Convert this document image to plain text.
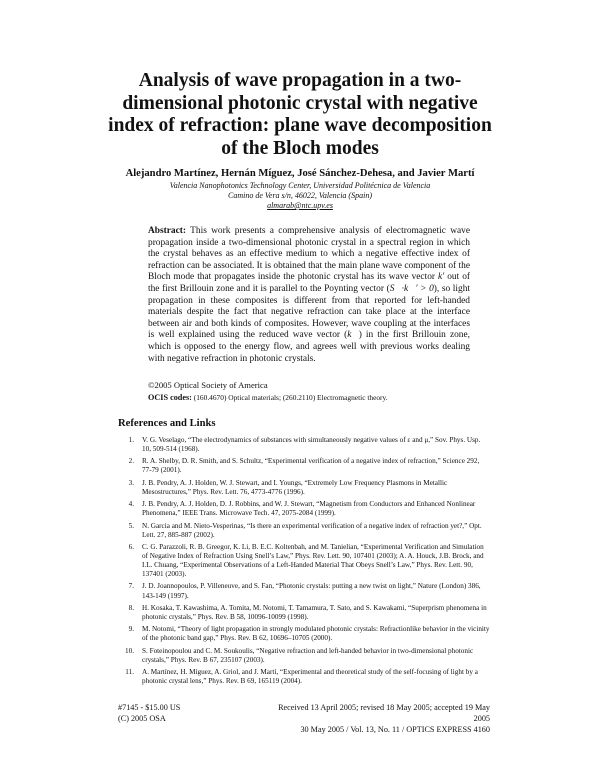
Analysis of wave propagation in a two-dimensional photonic crystal with negative index of refraction: plane wave decomposition of the Bloch modes
Alejandro Martínez, Hernán Míguez, José Sánchez-Dehesa, and Javier Martí
Valencia Nanophotonics Technology Center, Universidad Politécnica de Valencia
Camino de Vera s/n, 46022, Valencia (Spain)
almarab@ntc.upv.es
Abstract: This work presents a comprehensive analysis of electromagnetic wave propagation inside a two-dimensional photonic crystal in a spectral region in which the crystal behaves as an effective medium to which a negative effective index of refraction can be associated. It is obtained that the main plane wave component of the Bloch mode that propagates inside the photonic crystal has its wave vector k′ out of the first Brillouin zone and it is parallel to the Poynting vector (S⃗·k⃗′ > 0), so light propagation in these composites is different from that reported for left-handed materials despite the fact that negative refraction can take place at the interface between air and both kinds of composites. However, wave coupling at the interfaces is well explained using the reduced wave vector (k⃗) in the first Brillouin zone, which is opposed to the energy flow, and agrees well with previous works dealing with negative refraction in photonic crystals.
©2005 Optical Society of America
OCIS codes: (160.4670) Optical materials; (260.2110) Electromagnetic theory.
References and Links
1. V. G. Veselago, “The electrodynamics of substances with simultaneously negative values of ε and μ,” Sov. Phys. Usp. 10, 509-514 (1968).
2. R. A. Shelby, D. R. Smith, and S. Schultz, “Experimental verification of a negative index of refraction,” Science 292, 77-79 (2001).
3. J. B. Pendry, A. J. Holden, W. J. Stewart, and I. Youngs, “Extremely Low Frequency Plasmons in Metallic Mesostructures,” Phys. Rev. Lett. 76, 4773-4776 (1996).
4. J. B. Pendry, A. J. Holden, D. J. Robbins, and W. J. Stewart, “Magnetism from Conductors and Enhanced Nonlinear Phenomena,” IEEE Trans. Microwave Tech. 47, 2075-2084 (1999).
5. N. Garcia and M. Nieto-Vesperinas, “Is there an experimental verification of a negative index of refraction yet?,” Opt. Lett. 27, 885-887 (2002).
6. C. G. Parazzoli, R. B. Greegor, K. Li, B. E.C. Koltenbah, and M. Tanielian, “Experimental Verification and Simulation of Negative Index of Refraction Using Snell’s Law,” Phys. Rev. Lett. 90, 107401 (2003); A. A. Houck, J.B. Brock, and I.L. Chuang, “Experimental Observations of a Left-Handed Material That Obeys Snell’s Law,” Phys. Rev. Lett. 90, 137401 (2003).
7. J. D. Joannopoulos, P. Villeneuve, and S. Fan, “Photonic crystals: putting a new twist on light,” Nature (London) 386, 143-149 (1997).
8. H. Kosaka, T. Kawashima, A. Tomita, M. Notomi, T. Tamamura, T. Sato, and S. Kawakami, “Superprism phenomena in photonic crystals,” Phys. Rev. B 58, 10096-10099 (1998).
9. M. Notomi, “Theory of light propagation in strongly modulated photonic crystals: Refractionlike behavior in the vicinity of the photonic band gap,” Phys. Rev. B 62, 10696–10705 (2000).
10. S. Foteinopoulou and C. M. Soukoulis, “Negative refraction and left-handed behavior in two-dimensional photonic crystals,” Phys. Rev. B 67, 235107 (2003).
11. A. Martínez, H. Míguez, A. Griol, and J. Martí, “Experimental and theoretical study of the self-focusing of light by a photonic crystal lens,” Phys. Rev. B 69, 165119 (2004).
#7145 - $15.00 US
(C) 2005 OSA
Received 13 April 2005; revised 18 May 2005; accepted 19 May 2005
30 May 2005 / Vol. 13, No. 11 / OPTICS EXPRESS 4160
